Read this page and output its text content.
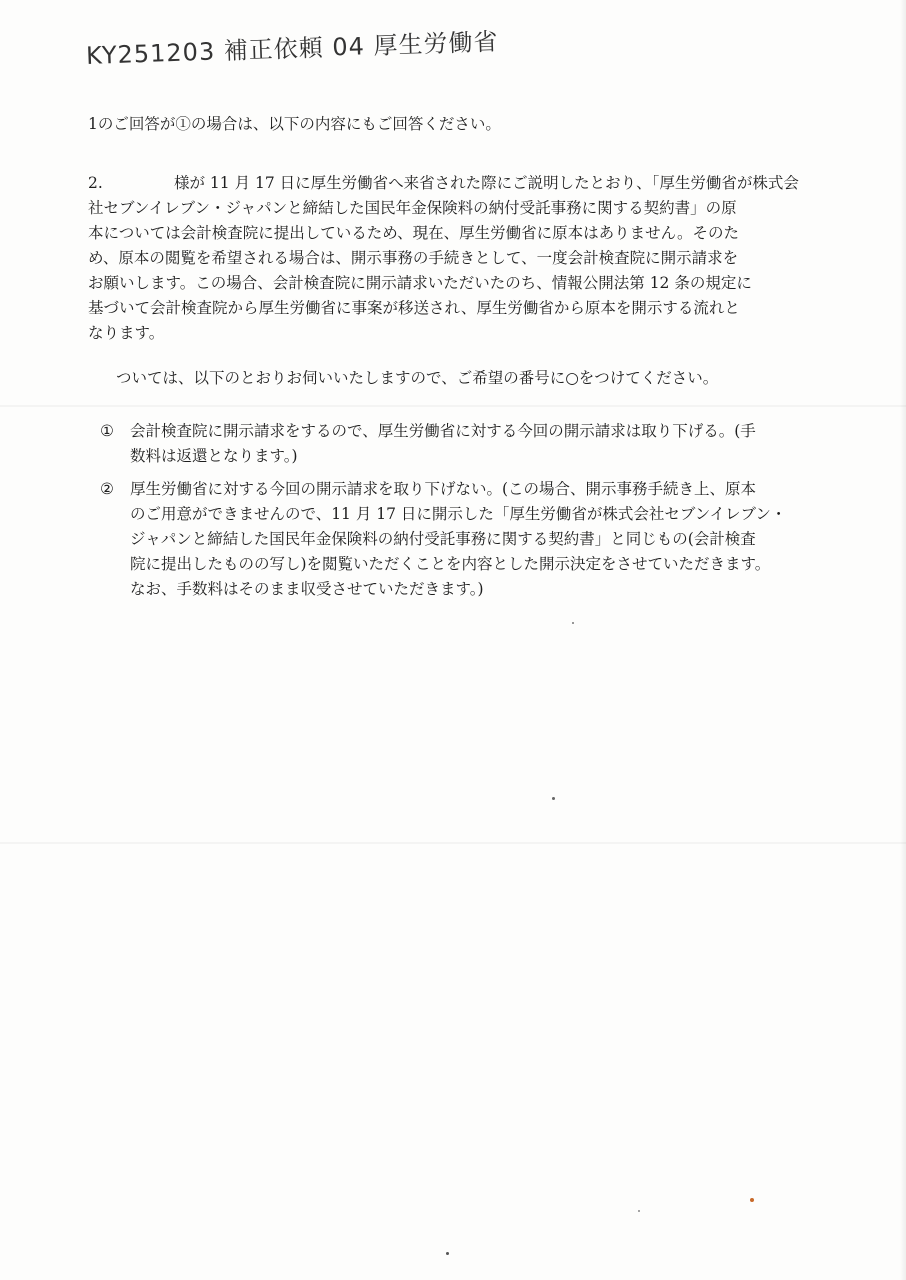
KY251203 補正依頼 04 厚生労働省
1のご回答が①の場合は、以下の内容にもご回答ください。
2.	様が 11 月 17 日に厚生労働省へ来省された際にご説明したとおり、「厚生労働省が株式会
社セブンイレブン・ジャパンと締結した国民年金保険料の納付受託事務に関する契約書」の原
本については会計検査院に提出しているため、現在、厚生労働省に原本はありません。そのた
め、原本の閲覧を希望される場合は、開示事務の手続きとして、一度会計検査院に開示請求を
お願いします。この場合、会計検査院に開示請求いただいたのち、情報公開法第 12 条の規定に
基づいて会計検査院から厚生労働省に事案が移送され、厚生労働省から原本を開示する流れと
なります。
ついては、以下のとおりお伺いいたしますので、ご希望の番号に○をつけてください。
① 会計検査院に開示請求をするので、厚生労働省に対する今回の開示請求は取り下げる。(手
数料は返還となります。)
② 厚生労働省に対する今回の開示請求を取り下げない。(この場合、開示事務手続き上、原本
のご用意ができませんので、11 月 17 日に開示した「厚生労働省が株式会社セブンイレブン・
ジャパンと締結した国民年金保険料の納付受託事務に関する契約書」と同じもの(会計検査
院に提出したものの写し)を閲覧いただくことを内容とした開示決定をさせていただきます。
なお、手数料はそのまま収受させていただきます。)
